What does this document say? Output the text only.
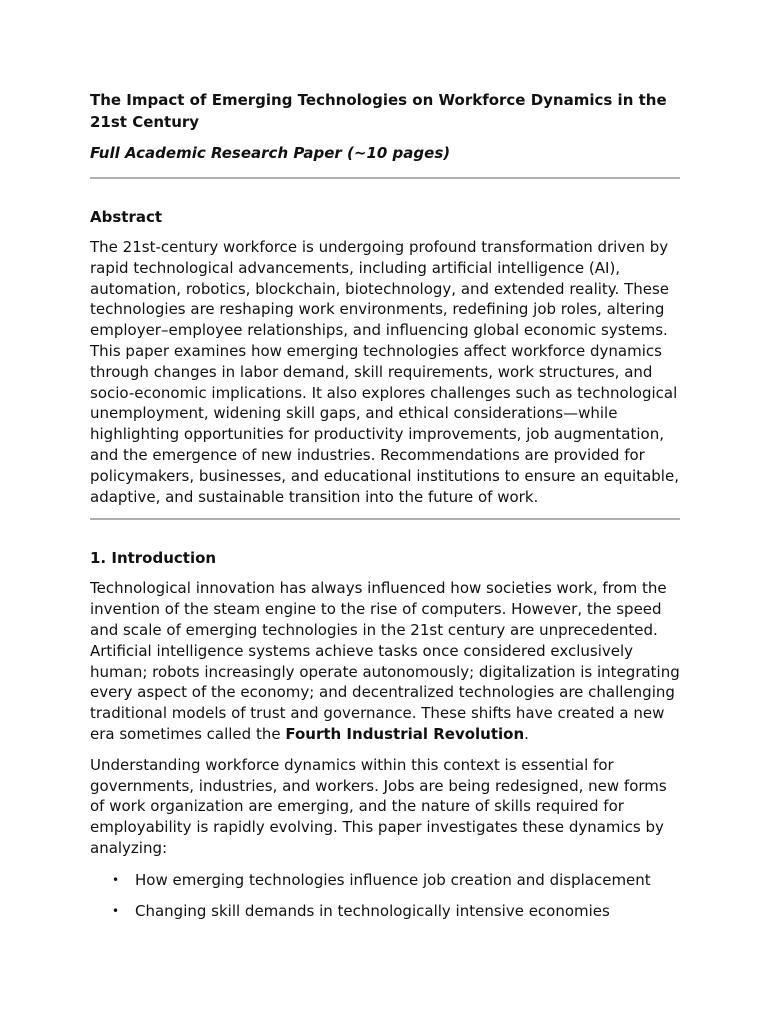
The Impact of Emerging Technologies on Workforce Dynamics in the 21st Century
Full Academic Research Paper (~10 pages)
Abstract

The 21st-century workforce is undergoing profound transformation driven by rapid technological advancements, including artificial intelligence (AI), automation, robotics, blockchain, biotechnology, and extended reality. These technologies are reshaping work environments, redefining job roles, altering employer–employee relationships, and influencing global economic systems. This paper examines how emerging technologies affect workforce dynamics through changes in labor demand, skill requirements, work structures, and socio-economic implications. It also explores challenges such as technological unemployment, widening skill gaps, and ethical considerations—while highlighting opportunities for productivity improvements, job augmentation, and the emergence of new industries. Recommendations are provided for policymakers, businesses, and educational institutions to ensure an equitable, adaptive, and sustainable transition into the future of work.

1. Introduction

Technological innovation has always influenced how societies work, from the invention of the steam engine to the rise of computers. However, the speed and scale of emerging technologies in the 21st century are unprecedented. Artificial intelligence systems achieve tasks once considered exclusively human; robots increasingly operate autonomously; digitalization is integrating every aspect of the economy; and decentralized technologies are challenging traditional models of trust and governance. These shifts have created a new era sometimes called the Fourth Industrial Revolution.

Understanding workforce dynamics within this context is essential for governments, industries, and workers. Jobs are being redesigned, new forms of work organization are emerging, and the nature of skills required for employability is rapidly evolving. This paper investigates these dynamics by analyzing:

• How emerging technologies influence job creation and displacement
• Changing skill demands in technologically intensive economies
